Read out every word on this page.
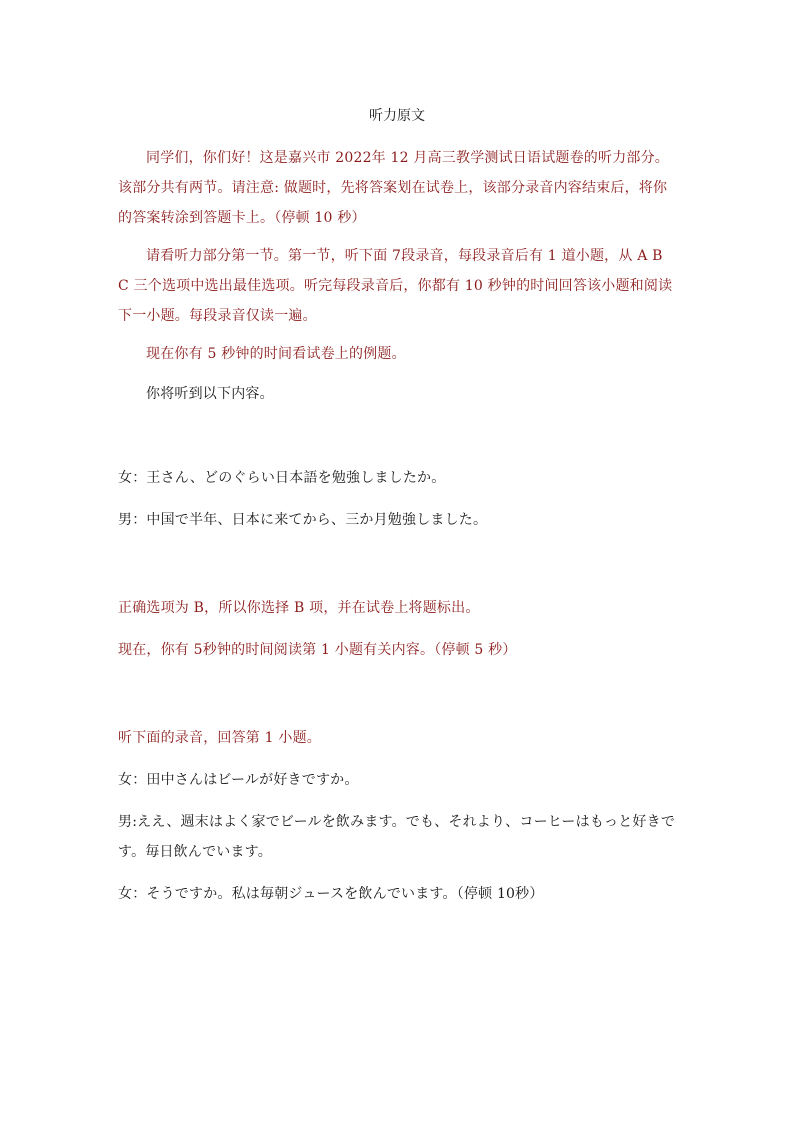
听力原文

同学们，你们好！这是嘉兴市 2022年 12 月高三教学测试日语试题卷的听力部分。该部分共有两节。请注意: 做题时，先将答案划在试卷上，该部分录音内容结束后，将你的答案转涂到答题卡上。（停顿 10 秒）

请看听力部分第一节。第一节，听下面 7段录音，每段录音后有 1 道小题，从 A B C 三个选项中选出最佳选项。听完每段录音后，你都有 10 秒钟的时间回答该小题和阅读下一小题。每段录音仅读一遍。

现在你有 5 秒钟的时间看试卷上的例题。

你将听到以下内容。

女：王さん、どのぐらい日本語を勉強しましたか。

男：中国で半年、日本に来てから、三か月勉強しました。

正确选项为 B，所以你选择 B 项，并在试卷上将题标出。

现在，你有 5秒钟的时间阅读第 1 小题有关内容。（停顿 5 秒）

听下面的录音，回答第 1 小题。

女：田中さんはビールが好きですか。

男:ええ、週末はよく家でビールを飲みます。でも、それより、コーヒーはもっと好きです。毎日飲んでいます。

女：そうですか。私は毎朝ジュースを飲んでいます。（停顿 10秒）
